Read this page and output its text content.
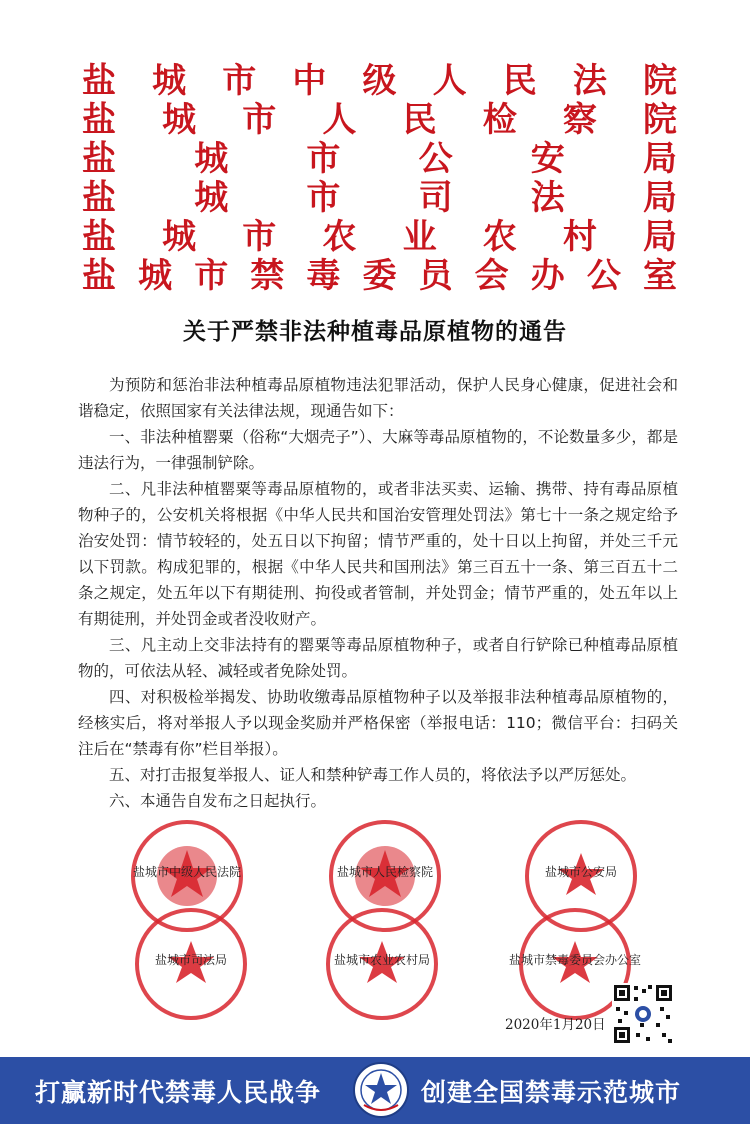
盐 城 市 中 级 人 民 法 院
盐 城 市 人 民 检 察 院
盐 城 市 公 安 局
盐 城 市 司 法 局
盐 城 市 农 业 农 村 局
盐 城 市 禁 毒 委 员 会 办 公 室
关于严禁非法种植毒品原植物的通告

为预防和惩治非法种植毒品原植物违法犯罪活动，保护人民身心健康，促进社会和谐稳定，依照国家有关法律法规，现通告如下：

一、非法种植罂粟（俗称“大烟壳子”）、大麻等毒品原植物的，不论数量多少，都是违法行为，一律强制铲除。

二、凡非法种植罂粟等毒品原植物的，或者非法买卖、运输、携带、持有毒品原植物种子的，公安机关将根据《中华人民共和国治安管理处罚法》第七十一条之规定给予治安处罚：情节较轻的，处五日以下拘留；情节严重的，处十日以上拘留，并处三千元以下罚款。构成犯罪的，根据《中华人民共和国刑法》第三百五十一条、第三百五十二条之规定，处五年以下有期徒刑、拘役或者管制，并处罚金；情节严重的，处五年以上有期徒刑，并处罚金或者没收财产。

三、凡主动上交非法持有的罂粟等毒品原植物种子，或者自行铲除已种植毒品原植物的，可依法从轻、减轻或者免除处罚。

四、对积极检举揭发、协助收缴毒品原植物种子以及举报非法种植毒品原植物的，经核实后，将对举报人予以现金奖励并严格保密（举报电话：110；微信平台：扫码关注后在“禁毒有你”栏目举报）。

五、对打击报复举报人、证人和禁种铲毒工作人员的，将依法予以严厉惩处。

六、本通告自发布之日起执行。

盐城市中级人民法院	盐城市人民检察院	盐城市公安局
盐城市司法局	盐城市农业农村局	盐城市禁毒委员会办公室
2020年1月20日
打赢新时代禁毒人民战争	创建全国禁毒示范城市
